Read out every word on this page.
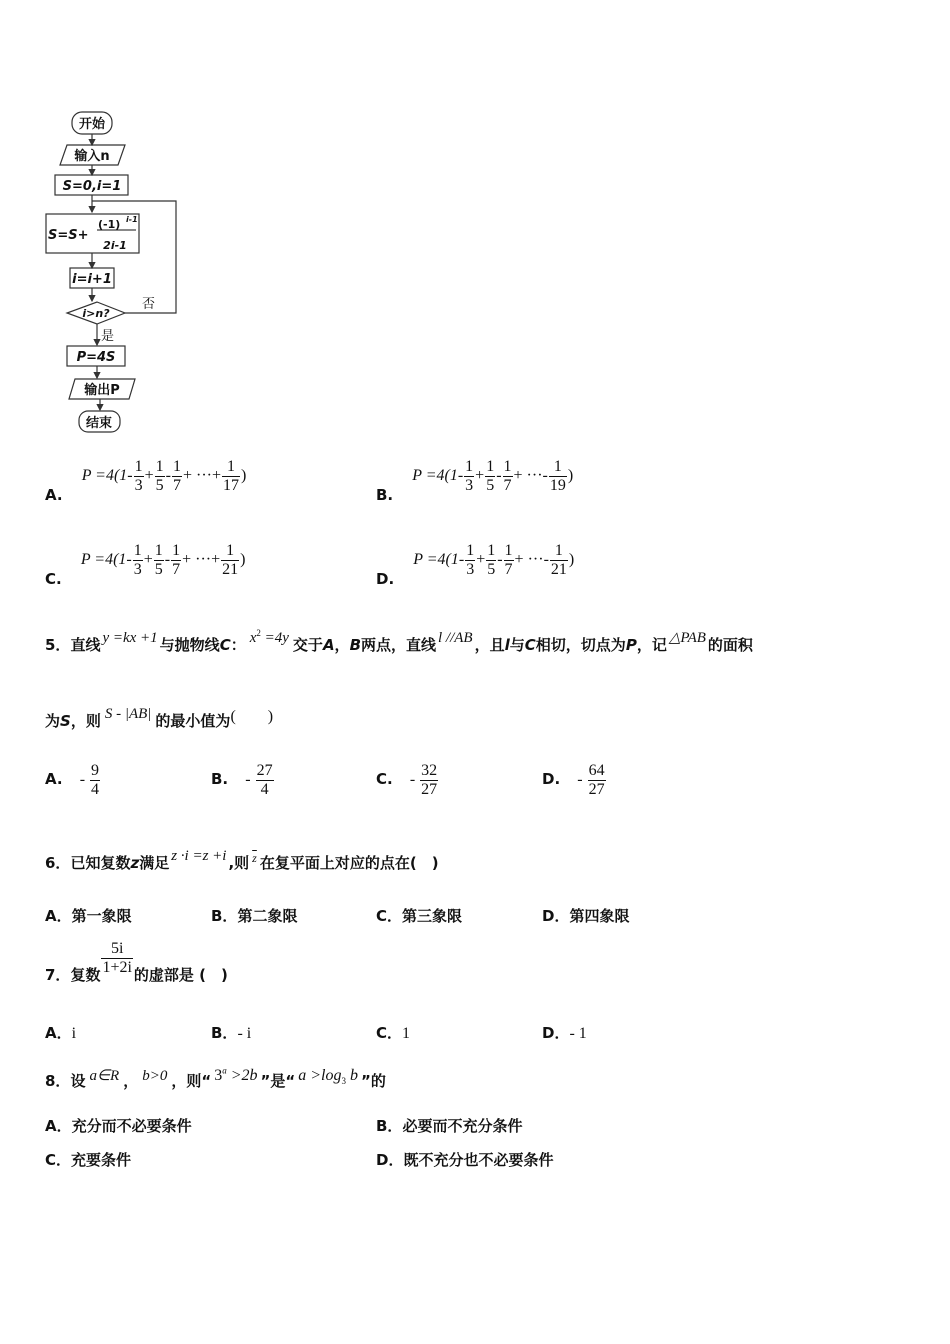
开始
输入n
S=0,i=1
S=S+
(-1) i-1
2i-1
i=i+1
i>n?
P=4S
输出P
结束
否
是
A. $P =4(1- \frac{1}{3} + \frac{1}{5} - \frac{1}{7}$ + ···+ $\frac{1}{17}$ )
B. $P =4(1- \frac{1}{3} + \frac{1}{5} - \frac{1}{7}$ + ···- $\frac{1}{19}$ )
C. $P =4(1- \frac{1}{3} + \frac{1}{5} - \frac{1}{7}$ + ···+ $\frac{1}{21}$ )
D. $P =4(1- \frac{1}{3} + \frac{1}{5} - \frac{1}{7}$ + ···- $\frac{1}{21}$ )
5．直线 y =kx +1 与抛物线C： $x^2 =4y$ 交于A，B两点，直线 l //AB ，且l与C相切，切点为P，记 △PAB 的面积
为S，则 S - |AB| 的最小值为(　　)
A. - $\frac{9}{4}$	B. - $\frac{27}{4}$	C. - $\frac{32}{27}$	D. - $\frac{64}{27}$
6．已知复数z满足 z ·i =z +i ,则 $^{\overline{z}}$ 在复平面上对应的点在(　)
A．第一象限	B．第二象限	C．第三象限	D．第四象限
7．复数 $\frac{5i}{1+2i}$ 的虚部是 (　)
A．i	B．- i	C．1	D．- 1
8．设 a∈R ， b>0 ，则“ $3^a >2b$ ”是“ $a >\log_3$ b ”的
A．充分而不必要条件	B．必要而不充分条件
C．充要条件	D．既不充分也不必要条件
